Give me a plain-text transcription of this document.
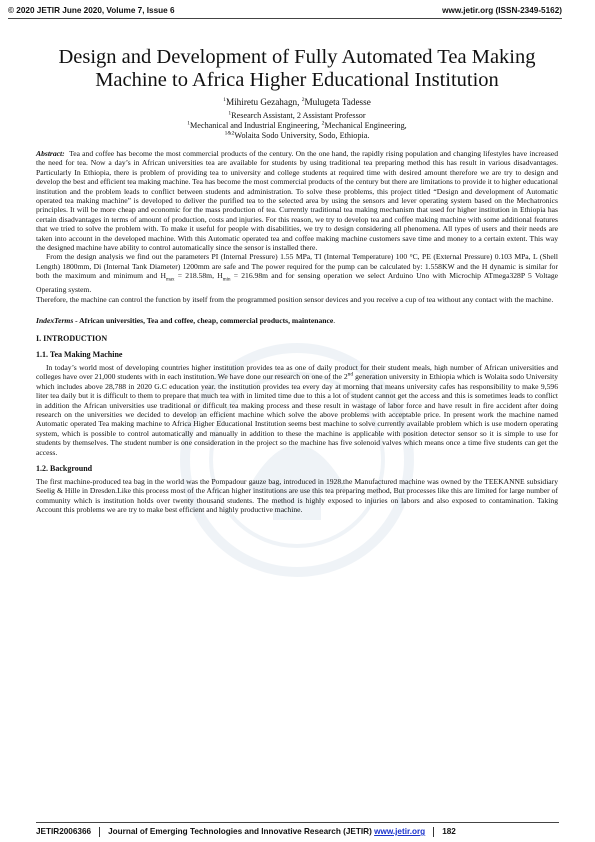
© 2020 JETIR June 2020, Volume 7, Issue 6	www.jetir.org (ISSN-2349-5162)
Design and Development of Fully Automated Tea Making Machine to Africa Higher Educational Institution
$^1$Mihiretu Gezahagn, $^2$Mulugeta Tadesse
$^1$Research Assistant, 2 Assistant Professor
$^1$Mechanical and Industrial Engineering, $^2$Mechanical Engineering,
$^{1\&2}$Wolaita Sodo University, Sodo, Ethiopia.

Abstract: Tea and coffee has become the most commercial products of the century. On the one hand, the rapidly rising population and changing lifestyles have increased the need for tea. Now a day’s in African universities tea are available for students by using traditional tea preparing method this has result in various disadvantages. Particularly In Ethiopia, there is problem of providing tea to university and college students at required time with desired amount therefore we are try to design and develop the best and efficient tea making machine. Tea has become the most commercial products of the century but there are limitations to provide it to higher educational institution and the problem leads to conflict between students and administration. To solve these problems, this project titled “Design and development of Automatic operated tea making machine” is developed to deliver the purified tea to the selected area by using the sensors and lever operating system based on the Mechatronics principles. It will be more cheap and economic for the mass production of tea. Currently traditional tea making mechanism that used for higher institution in Ethiopia has certain disadvantages in terms of amount of production, costs and injuries. For this reason, we try to develop tea and coffee making machine with some additional features that we tried to solve the problem with. To make it useful for people with disabilities, we try to design considering all phenomena. All types of users and their needs are taken into account in the developed machine. With this Automatic operated tea and coffee making machine customers save time and money to a certain extent. This way the designed machine have ability to control automatically since the sensor is installed there.

From the design analysis we find out the parameters PI (Internal Pressure) 1.55 MPa, TI (Internal Temperature) 100 °C, PE (External Pressure) 0.103 MPa, L (Shell Length) 1800mm, Di (Internal Tank Diameter) 1200mm are safe and The power required for the pump can be calculated by: 1.558KW and the H dynamic is similar for both the maximum and minimum and $H_{max} = 218.58m$, $H_{min} = 216.98m$ and for sensing operation we select Arduino Uno with Microchip ATmega328P 5 Voltage Operating system.

Therefore, the machine can control the function by itself from the programmed position sensor devices and you receive a cup of tea without any contact with the machine.

IndexTerms - African universities, Tea and coffee, cheap, commercial products, maintenance.
I. INTRODUCTION
1.1. Tea Making Machine
In today’s world most of developing countries higher institution provides tea as one of daily product for their student meals, high number of African universities and colleges have over 21,000 students with in each institution. We have done our research on one of the 2nd generation university in Ethiopia which is Wolaita sodo University which includes above 28,788 in 2020 G.C education year. the institution provides tea every day at morning that means university cafes has responsibility to make 9,596 liter tea daily but it is difficult to them to prepare that much tea with in limited time due to this a lot of student cannot get the access and this is sometimes leads to conflict in addition the African universities use traditional or difficult tea making process and these result in wastage of labor force and have result in fire accident after doing research on the universities we decided to develop an efficient machine which solve the above problems with acceptable price. In present work the machine named Automatic operated Tea making machine to Africa Higher Educational Institution seems best machine to solve currently available problem which is use modern operating system, which is possible to control automatically and manually in addition to these the machine is applicable with position detector sensor so it is simple to use for students by themselves. The student number is one consideration in the project so the machine has five solenoid valves which means once a time five students can get the access.
1.2. Background
The first machine-produced tea bag in the world was the Pompadour gauze bag, introduced in 1928.the Manufactured machine was owned by the TEEKANNE subsidiary Seelig & Hille in Dresden.Like this process most of the African higher institutions are use this tea preparing method, But processes like this are limited for large number of community which is institution holds over twenty thousand students. The method is highly exposed to injuries on labors and also exposed to contamination. Taking Account this problems we are try to make best efficient and highly productive machine.
JETIR2006366 Journal of Emerging Technologies and Innovative Research (JETIR) www.jetir.org 182
